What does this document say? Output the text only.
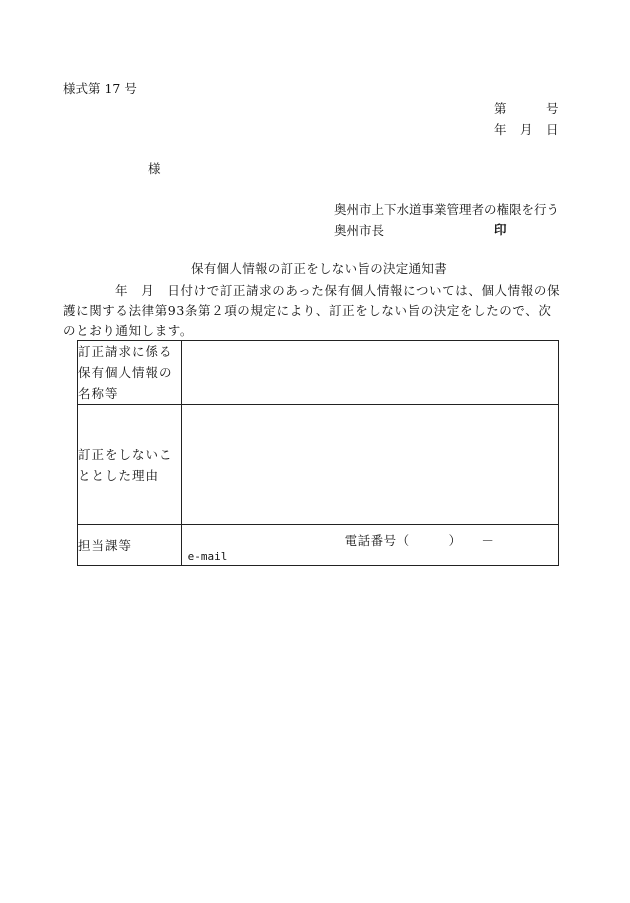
様式第 17 号
第　　　号
年　月　日
様
奥州市上下水道事業管理者の権限を行う
奥州市長	印
保有個人情報の訂正をしない旨の決定通知書
年　月　日付けで訂正請求のあった保有個人情報については、個人情報の保護に関する法律第93条第２項の規定により、訂正をしない旨の決定をしたので、次のとおり通知します。
訂正請求に係る保有個人情報の名称等	
訂正をしないこととした理由	
担当課等	電話番号（　　　）　　－
e-mail
